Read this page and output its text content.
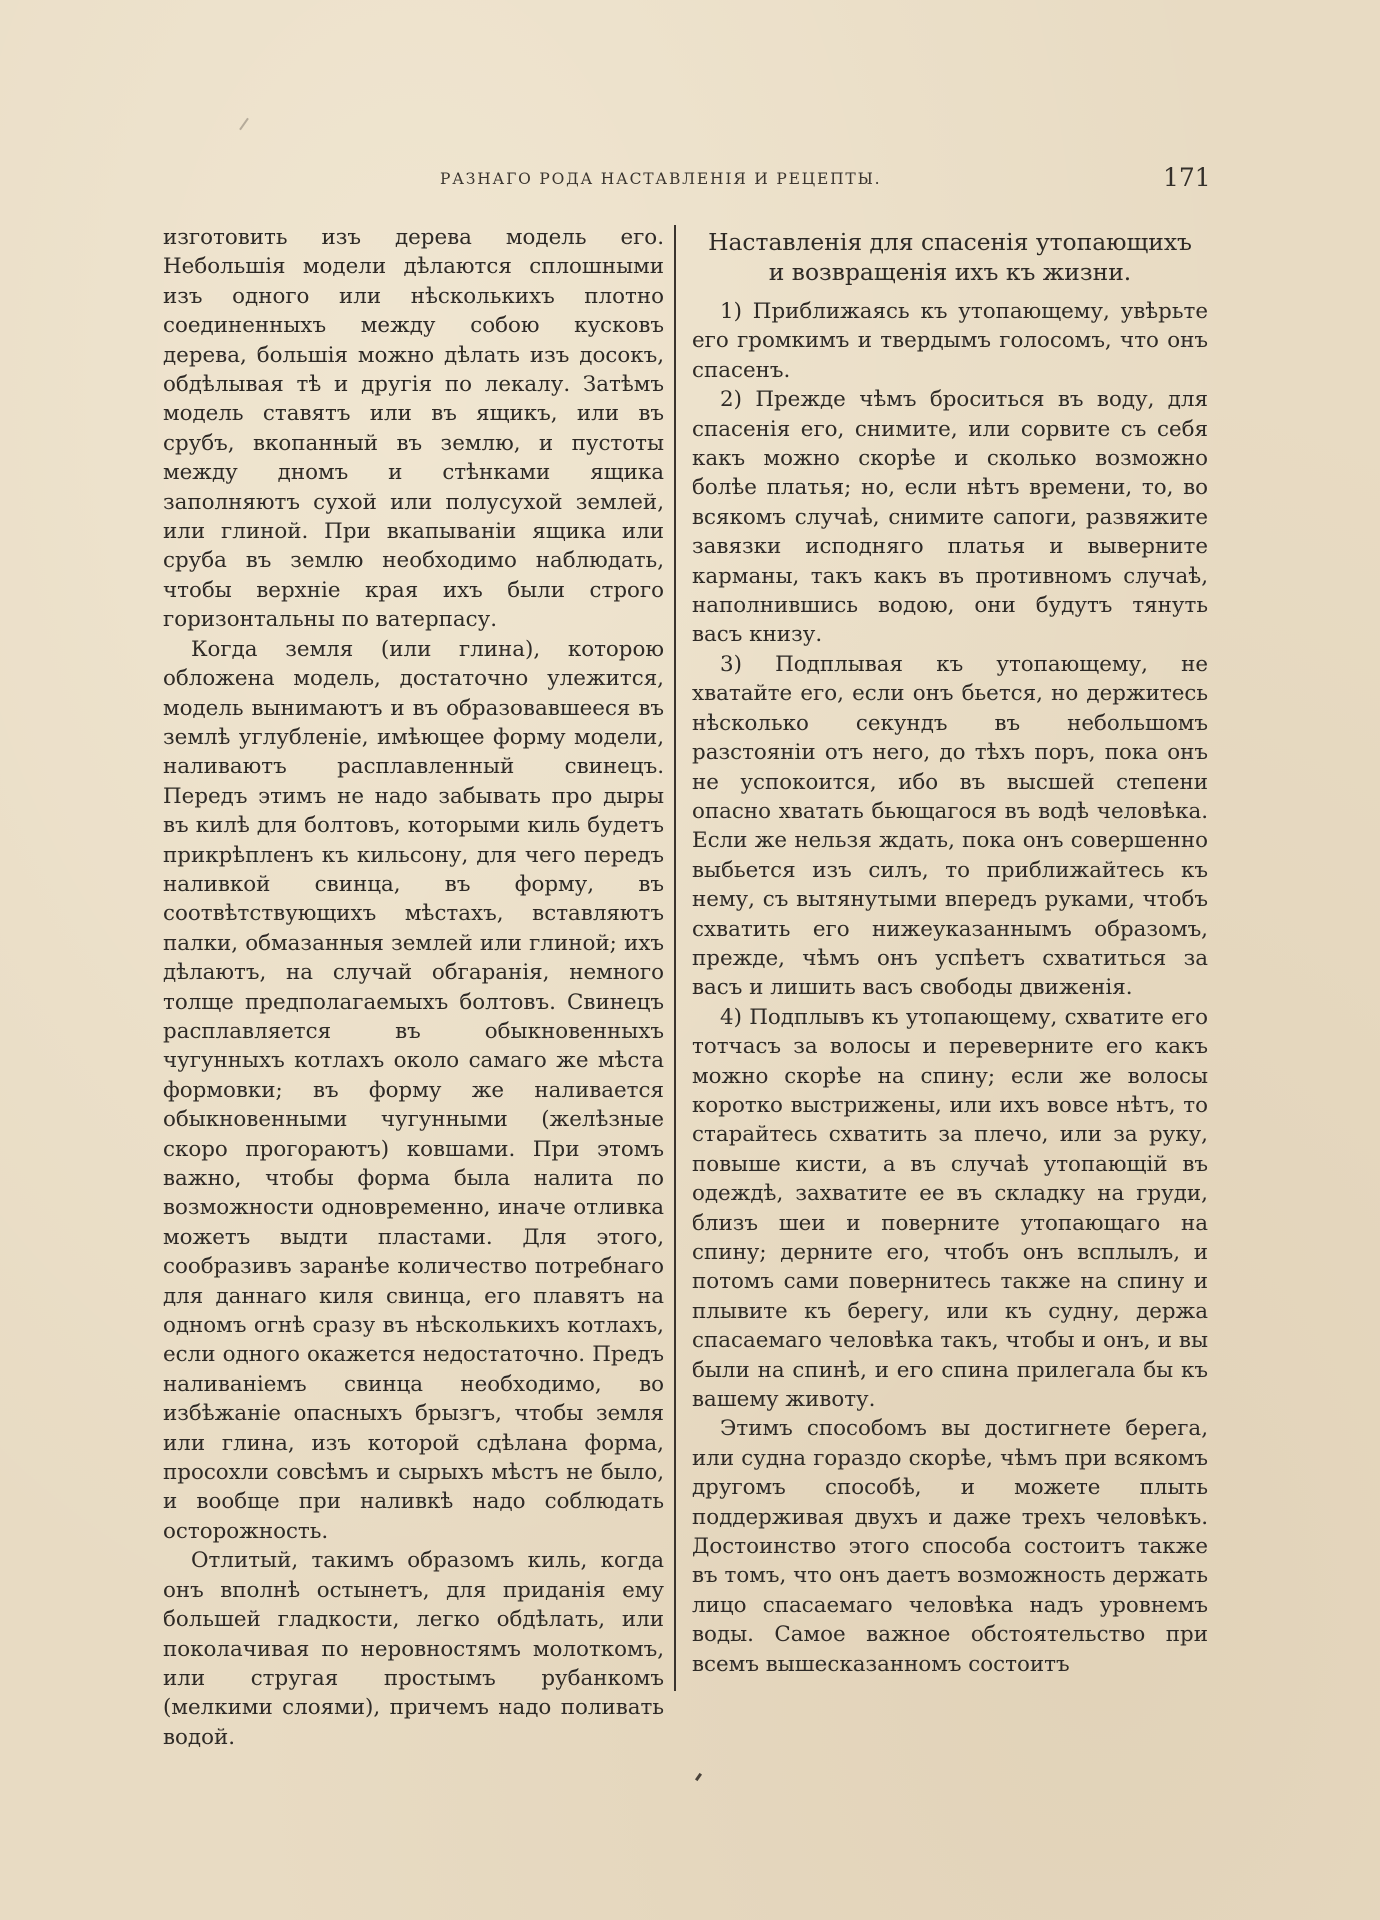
РАЗНАГО РОДА НАСТАВЛЕНІЯ И РЕЦЕПТЫ.	171

изготовить изъ дерева модель его. Небольшія модели дѣлаются сплошными изъ одного или нѣсколькихъ плотно соединенныхъ между собою кусковъ дерева, большія можно дѣлать изъ досокъ, обдѣлывая тѣ и другія по лекалу. Затѣмъ модель ставятъ или въ ящикъ, или въ срубъ, вкопанный въ землю, и пустоты между дномъ и стѣнками ящика заполняютъ сухой или полусухой землей, или глиной. При вкапываніи ящика или сруба въ землю необходимо наблюдать, чтобы верхніе края ихъ были строго горизонтальны по ватерпасу.

Когда земля (или глина), которою обложена модель, достаточно улежится, модель вынимаютъ и въ образовавшееся въ землѣ углубленіе, имѣющее форму модели, наливаютъ расплавленный свинецъ. Передъ этимъ не надо забывать про дыры въ килѣ для болтовъ, которыми киль будетъ прикрѣпленъ къ кильсону, для чего передъ наливкой свинца, въ форму, въ соотвѣтствующихъ мѣстахъ, вставляютъ палки, обмазанныя землей или глиной; ихъ дѣлаютъ, на случай обгаранія, немного толще предполагаемыхъ болтовъ. Свинецъ расплавляется въ обыкновенныхъ чугунныхъ котлахъ около самаго же мѣста формовки; въ форму же наливается обыкновенными чугунными (желѣзные скоро прогораютъ) ковшами. При этомъ важно, чтобы форма была налита по возможности одновременно, иначе отливка можетъ выдти пластами. Для этого, сообразивъ заранѣе количество потребнаго для даннаго киля свинца, его плавятъ на одномъ огнѣ сразу въ нѣсколькихъ котлахъ, если одного окажется недостаточно. Предъ наливаніемъ свинца необходимо, во избѣжаніе опасныхъ брызгъ, чтобы земля или глина, изъ которой сдѣлана форма, просохли совсѣмъ и сырыхъ мѣстъ не было, и вообще при наливкѣ надо соблюдать осторожность.

Отлитый, такимъ образомъ киль, когда онъ вполнѣ остынетъ, для приданія ему большей гладкости, легко обдѣлать, или поколачивая по неровностямъ молоткомъ, или стругая простымъ рубанкомъ (мелкими слоями), причемъ надо поливать водой.

Наставленія для спасенія утопающихъ
и возвращенія ихъ къ жизни.

1) Приближаясь къ утопающему, увѣрьте его громкимъ и твердымъ голосомъ, что онъ спасенъ.

2) Прежде чѣмъ броситься въ воду, для спасенія его, снимите, или сорвите съ себя какъ можно скорѣе и сколько возможно болѣе платья; но, если нѣтъ времени, то, во всякомъ случаѣ, снимите сапоги, развяжите завязки исподняго платья и выверните карманы, такъ какъ въ противномъ случаѣ, наполнившись водою, они будутъ тянуть васъ книзу.

3) Подплывая къ утопающему, не хватайте его, если онъ бьется, но держитесь нѣсколько секундъ въ небольшомъ разстояніи отъ него, до тѣхъ поръ, пока онъ не успокоится, ибо въ высшей степени опасно хватать бьющагося въ водѣ человѣка. Если же нельзя ждать, пока онъ совершенно выбьется изъ силъ, то приближайтесь къ нему, съ вытянутыми впередъ руками, чтобъ схватить его нижеуказаннымъ образомъ, прежде, чѣмъ онъ успѣетъ схватиться за васъ и лишить васъ свободы движенія.

4) Подплывъ къ утопающему, схватите его тотчасъ за волосы и переверните его какъ можно скорѣе на спину; если же волосы коротко выстрижены, или ихъ вовсе нѣтъ, то старайтесь схватить за плечо, или за руку, повыше кисти, а въ случаѣ утопающій въ одеждѣ, захватите ее въ складку на груди, близъ шеи и поверните утопающаго на спину; дерните его, чтобъ онъ всплылъ, и потомъ сами повернитесь также на спину и плывите къ берегу, или къ судну, держа спасаемаго человѣка такъ, чтобы и онъ, и вы были на спинѣ, и его спина прилегала бы къ вашему животу.

Этимъ способомъ вы достигнете берега, или судна гораздо скорѣе, чѣмъ при всякомъ другомъ способѣ, и можете плыть поддерживая двухъ и даже трехъ человѣкъ. Достоинство этого способа состоитъ также въ томъ, что онъ даетъ возможность держать лицо спасаемаго человѣка надъ уровнемъ воды. Самое важное обстоятельство при всемъ вышесказанномъ состоитъ
